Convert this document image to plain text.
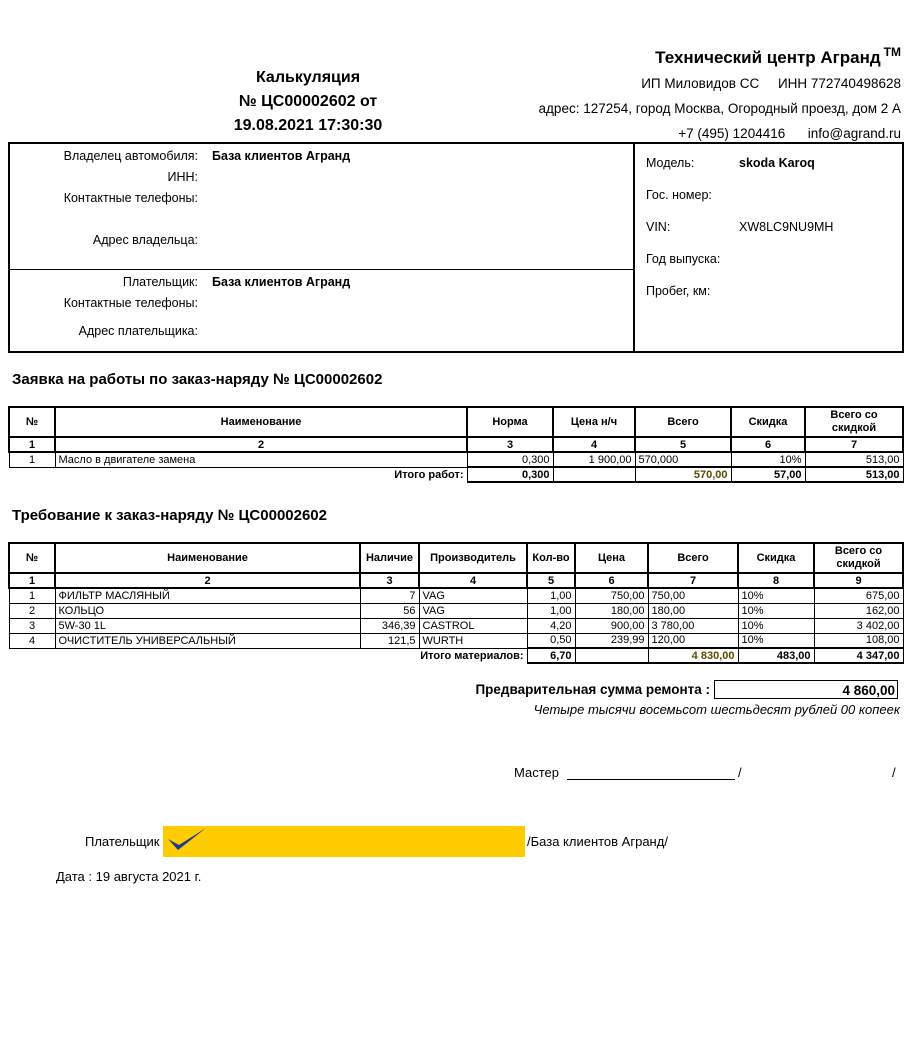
Калькуляция
№ ЦС00002602 от
19.08.2021 17:30:30
Технический центр Агранд TM
ИП Миловидов СС     ИНН 772740498628
адрес: 127254, город Москва, Огородный проезд, дом 2 А
+7 (495) 1204416      info@agrand.ru
Владелец автомобиля: База клиентов Агранд
ИНН:
Контактные телефоны:
Адрес владельца:
Плательщик: База клиентов Агранд
Контактные телефоны:
Адрес плательщика:
Модель:	skoda Karoq
Гос. номер:
VIN:	XW8LC9NU9MH
Год выпуска:
Пробег, км:
Заявка на работы по заказ-наряду № ЦС00002602
№	Наименование	Норма	Цена н/ч	Всего	Скидка	Всего со скидкой
1	2	3	4	5	6	7
1	Масло в двигателе замена	0,300	1 900,00	570,000	10%	513,00
Итого работ:		0,300		570,00	57,00	513,00
Требование к заказ-наряду № ЦС00002602
№	Наименование	Наличие	Производитель	Кол-во	Цена	Всего	Скидка	Всего со скидкой
1	2	3	4	5	6	7	8	9
1	ФИЛЬТР МАСЛЯНЫЙ	7	VAG	1,00	750,00	750,00	10%	675,00
2	КОЛЬЦО	56	VAG	1,00	180,00	180,00	10%	162,00
3	5W-30 1L	346,39	CASTROL	4,20	900,00	3 780,00	10%	3 402,00
4	ОЧИСТИТЕЛЬ УНИВЕРСАЛЬНЫЙ	121,5	WURTH	0,50	239,99	120,00	10%	108,00
Итого материалов:				6,70		4 830,00	483,00	4 347,00
Предварительная сумма ремонта :	4 860,00
Четыре тысячи восемьсот шестьдесят рублей 00 копеек
Мастер	/	/
Плательщик	/База клиентов Агранд/
Дата : 19 августа 2021 г.
